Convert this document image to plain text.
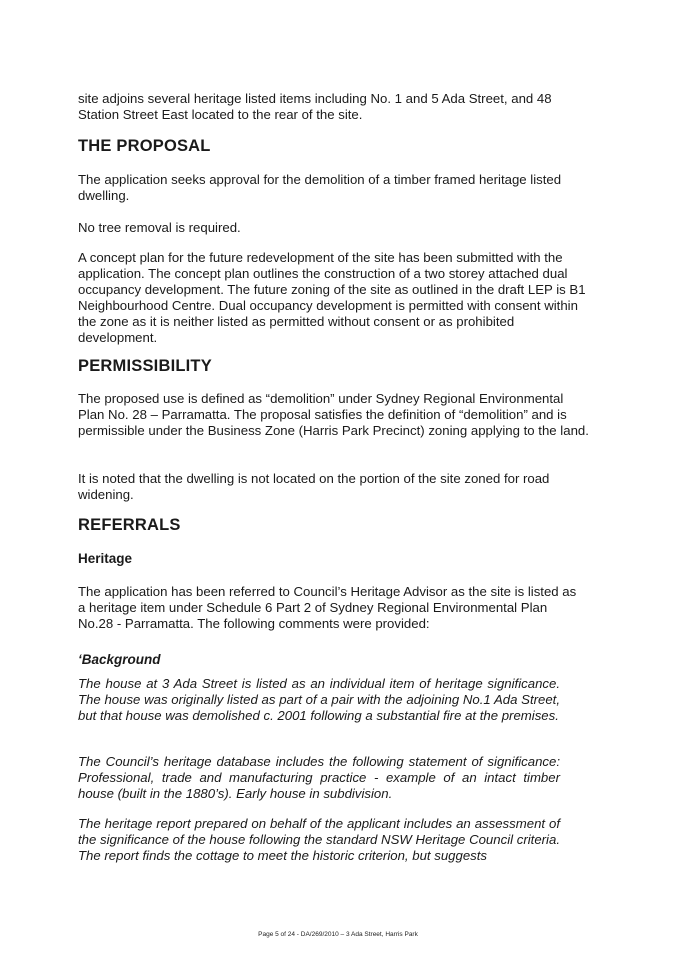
site adjoins several heritage listed items including No. 1 and 5 Ada Street, and 48 Station Street East located to the rear of the site.
THE PROPOSAL
The application seeks approval for the demolition of a timber framed heritage listed dwelling.
No tree removal is required.
A concept plan for the future redevelopment of the site has been submitted with the application. The concept plan outlines the construction of a two storey attached dual occupancy development. The future zoning of the site as outlined in the draft LEP is B1 Neighbourhood Centre. Dual occupancy development is permitted with consent within the zone as it is neither listed as permitted without consent or as prohibited development.
PERMISSIBILITY
The proposed use is defined as “demolition” under Sydney Regional Environmental Plan No. 28 – Parramatta. The proposal satisfies the definition of “demolition” and is permissible under the Business Zone (Harris Park Precinct) zoning applying to the land.
It is noted that the dwelling is not located on the portion of the site zoned for road widening.
REFERRALS
Heritage
The application has been referred to Council’s Heritage Advisor as the site is listed as a heritage item under Schedule 6 Part 2 of Sydney Regional Environmental Plan No.28 - Parramatta. The following comments were provided:
‘Background
The house at 3 Ada Street is listed as an individual item of heritage significance. The house was originally listed as part of a pair with the adjoining No.1 Ada Street, but that house was demolished c. 2001 following a substantial fire at the premises.
The Council’s heritage database includes the following statement of significance: Professional, trade and manufacturing practice - example of an intact timber house (built in the 1880’s). Early house in subdivision.
The heritage report prepared on behalf of the applicant includes an assessment of the significance of the house following the standard NSW Heritage Council criteria. The report finds the cottage to meet the historic criterion, but suggests
Page 5 of 24 - DA/269/2010 – 3 Ada Street, Harris Park
